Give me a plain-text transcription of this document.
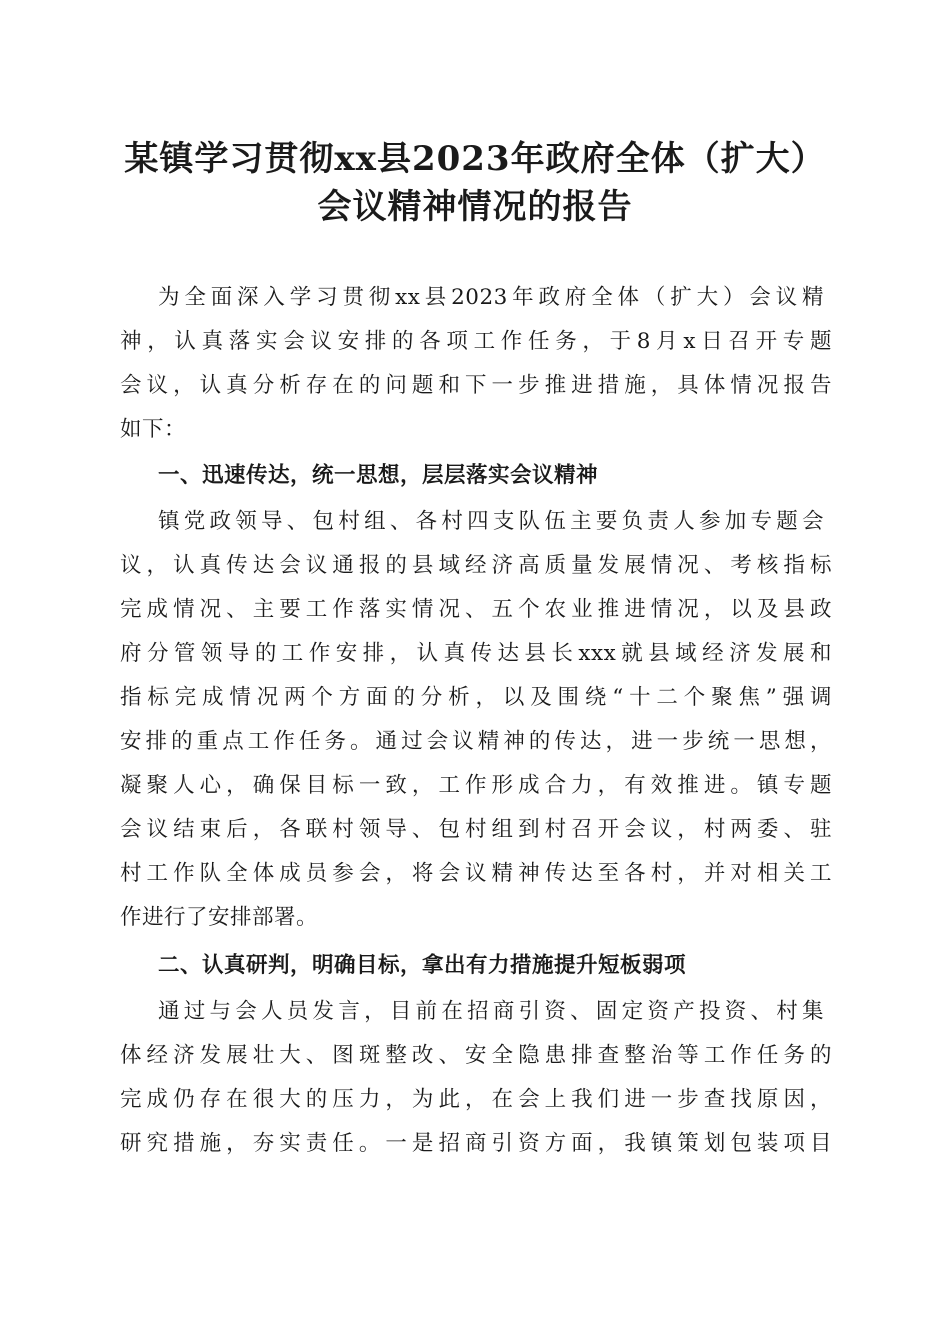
某镇学习贯彻xx县2023年政府全体（扩大）
会议精神情况的报告

为全面深入学习贯彻xx县2023年政府全体（扩大）会议精

神，认真落实会议安排的各项工作任务，于8月x日召开专题

会议，认真分析存在的问题和下一步推进措施，具体情况报告

如下：

一、迅速传达，统一思想，层层落实会议精神

镇党政领导、包村组、各村四支队伍主要负责人参加专题会

议，认真传达会议通报的县域经济高质量发展情况、考核指标

完成情况、主要工作落实情况、五个农业推进情况，以及县政

府分管领导的工作安排，认真传达县长xxx就县域经济发展和

指标完成情况两个方面的分析，以及围绕“十二个聚焦”强调

安排的重点工作任务。通过会议精神的传达，进一步统一思想，

凝聚人心，确保目标一致，工作形成合力，有效推进。镇专题

会议结束后，各联村领导、包村组到村召开会议，村两委、驻

村工作队全体成员参会，将会议精神传达至各村，并对相关工

作进行了安排部署。

二、认真研判，明确目标，拿出有力措施提升短板弱项

通过与会人员发言，目前在招商引资、固定资产投资、村集

体经济发展壮大、图斑整改、安全隐患排查整治等工作任务的

完成仍存在很大的压力，为此，在会上我们进一步查找原因，

研究措施，夯实责任。一是招商引资方面，我镇策划包装项目
